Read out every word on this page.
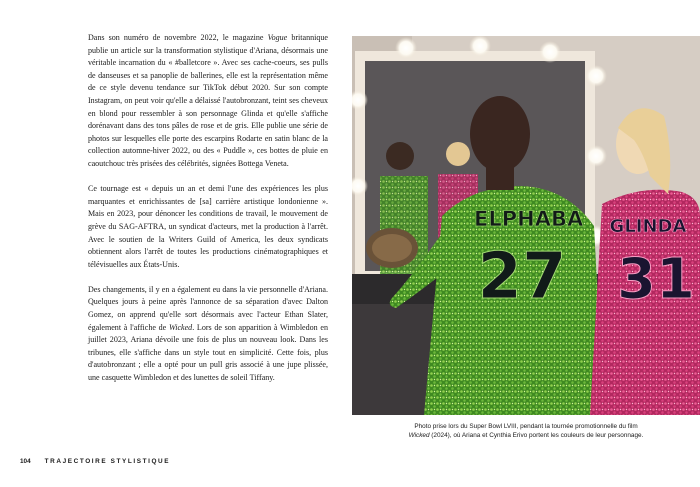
Dans son numéro de novembre 2022, le magazine Vogue britannique publie un article sur la transformation stylistique d'Ariana, désormais une véritable incarnation du « #balletcore ». Avec ses cache-coeurs, ses pulls de danseuses et sa panoplie de ballerines, elle est la représentation même de ce style devenu tendance sur TikTok début 2020. Sur son compte Instagram, on peut voir qu'elle a délaissé l'autobronzant, teint ses cheveux en blond pour ressembler à son personnage Glinda et qu'elle s'affiche dorénavant dans des tons pâles de rose et de gris. Elle publie une série de photos sur lesquelles elle porte des escarpins Rodarte en satin blanc de la collection automne-hiver 2022, ou des « Puddle », ces bottes de pluie en caoutchouc très prisées des célébrités, signées Bottega Veneta.

Ce tournage est « depuis un an et demi l'une des expériences les plus marquantes et enrichissantes de [sa] carrière artistique londonienne ». Mais en 2023, pour dénoncer les conditions de travail, le mouvement de grève du SAG-AFTRA, un syndicat d'acteurs, met la production à l'arrêt. Avec le soutien de la Writers Guild of America, les deux syndicats obtiennent alors l'arrêt de toutes les productions cinématographiques et télévisuelles aux États-Unis.

Des changements, il y en a également eu dans la vie personnelle d'Ariana. Quelques jours à peine après l'annonce de sa séparation d'avec Dalton Gomez, on apprend qu'elle sort désormais avec l'acteur Ethan Slater, également à l'affiche de Wicked. Lors de son apparition à Wimbledon en juillet 2023, Ariana dévoile une fois de plus un nouveau look. Dans les tribunes, elle s'affiche dans un style tout en simplicité. Cette fois, plus d'autobronzant ; elle a opté pour un pull gris associé à une jupe plissée, une casquette Wimbledon et des lunettes de soleil Tiffany.

ELPHABA
27
GLINDA
31
Photo prise lors du Super Bowl LVIII, pendant la tournée promotionnelle du film
Wicked (2024), où Ariana et Cynthia Erivo portent les couleurs de leur personnage.
104 TRAJECTOIRE STYLISTIQUE
